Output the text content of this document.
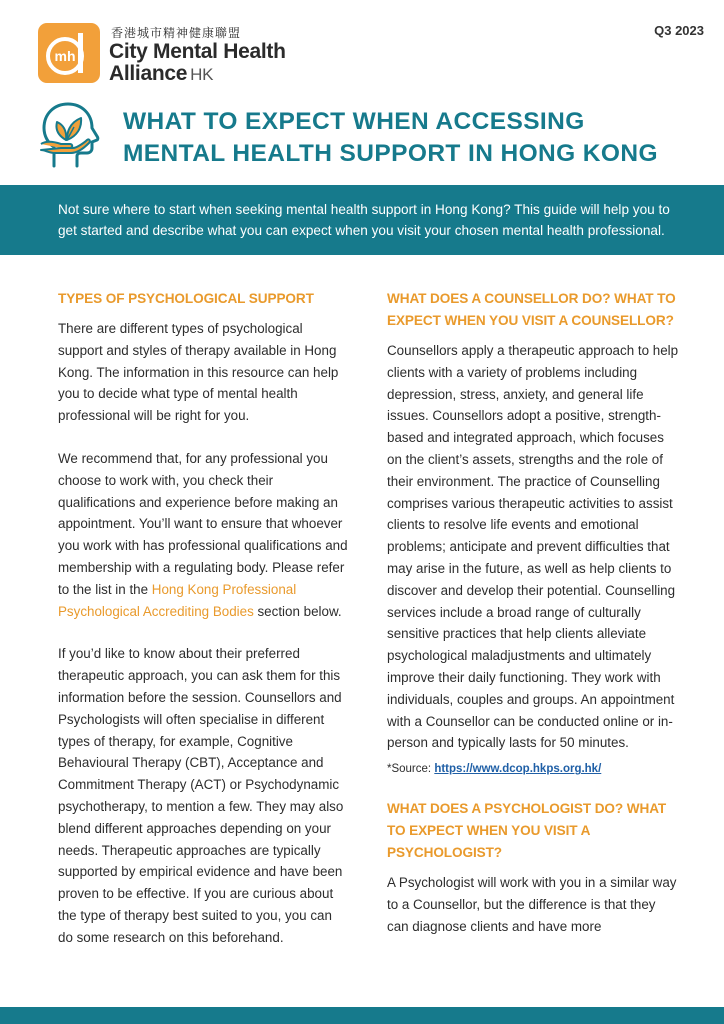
mh
香港城市精神健康聯盟
City Mental Health
Alliance HK
Q3 2023
WHAT TO EXPECT WHEN ACCESSING
MENTAL HEALTH SUPPORT IN HONG KONG
Not sure where to start when seeking mental health support in Hong Kong? This guide will help you to get started and describe what you can expect when you visit your chosen mental health professional.
TYPES OF PSYCHOLOGICAL SUPPORT

There are different types of psychological support and styles of therapy available in Hong Kong. The information in this resource can help you to decide what type of mental health professional will be right for you.

We recommend that, for any professional you choose to work with, you check their qualifications and experience before making an appointment. You’ll want to ensure that whoever you work with has professional qualifications and membership with a regulating body. Please refer to the list in the Hong Kong Professional Psychological Accrediting Bodies section below.

If you’d like to know about their preferred therapeutic approach, you can ask them for this information before the session. Counsellors and Psychologists will often specialise in different types of therapy, for example, Cognitive Behavioural Therapy (CBT), Acceptance and Commitment Therapy (ACT) or Psychodynamic psychotherapy, to mention a few. They may also blend different approaches depending on your needs. Therapeutic approaches are typically supported by empirical evidence and have been proven to be effective. If you are curious about the type of therapy best suited to you, you can do some research on this beforehand.

WHAT DOES A COUNSELLOR DO? WHAT TO EXPECT WHEN YOU VISIT A COUNSELLOR?

Counsellors apply a therapeutic approach to help clients with a variety of problems including depression, stress, anxiety, and general life issues. Counsellors adopt a positive, strength-based and integrated approach, which focuses on the client’s assets, strengths and the role of their environment. The practice of Counselling comprises various therapeutic activities to assist clients to resolve life events and emotional problems; anticipate and prevent difficulties that may arise in the future, as well as help clients to discover and develop their potential. Counselling services include a broad range of culturally sensitive practices that help clients alleviate psychological maladjustments and ultimately improve their daily functioning. They work with individuals, couples and groups. An appointment with a Counsellor can be conducted online or in-person and typically lasts for 50 minutes.

*Source: https://www.dcop.hkps.org.hk/

WHAT DOES A PSYCHOLOGIST DO? WHAT TO EXPECT WHEN YOU VISIT A PSYCHOLOGIST?

A Psychologist will work with you in a similar way to a Counsellor, but the difference is that they can diagnose clients and have more
